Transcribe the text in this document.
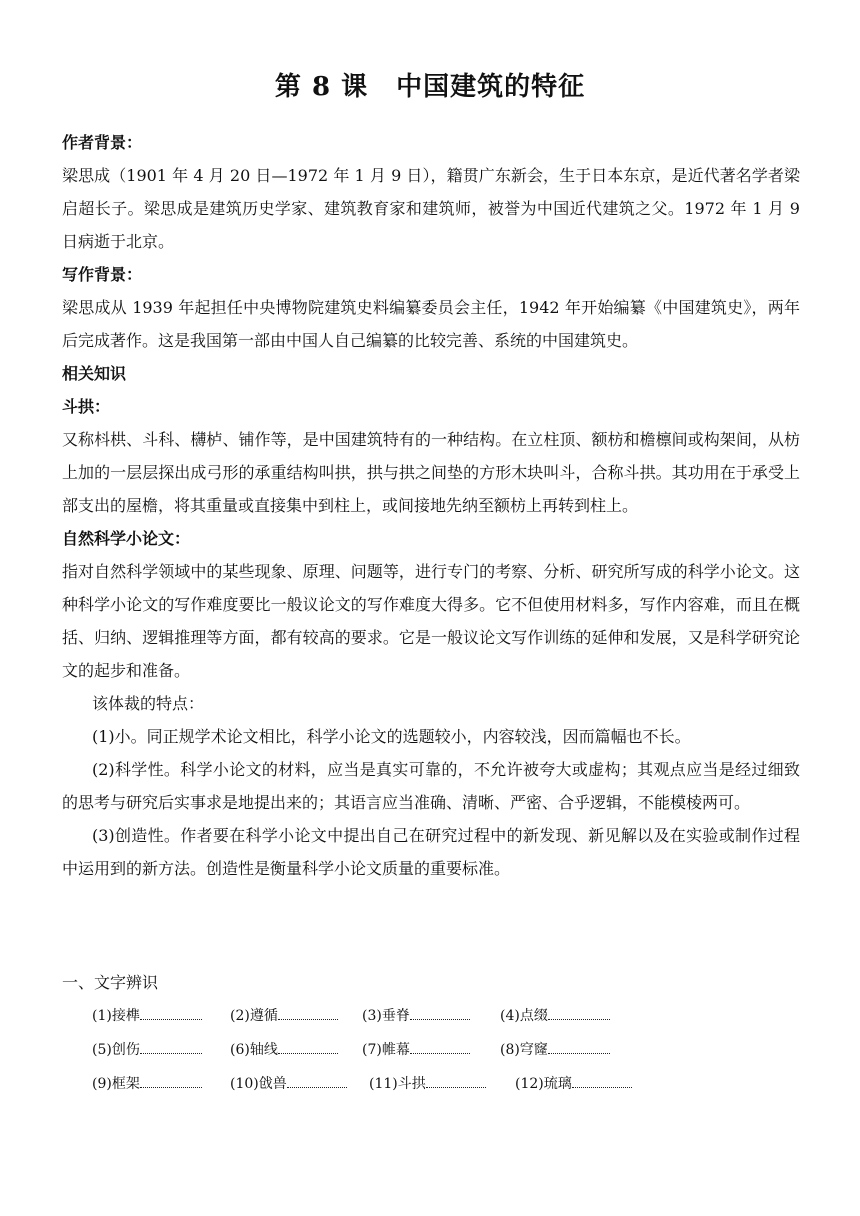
第 8 课 中国建筑的特征

作者背景：

梁思成（1901 年 4 月 20 日—1972 年 1 月 9 日），籍贯广东新会，生于日本东京，是近代著名学者梁启超长子。梁思成是建筑历史学家、建筑教育家和建筑师，被誉为中国近代建筑之父。1972 年 1 月 9 日病逝于北京。

写作背景：

梁思成从 1939 年起担任中央博物院建筑史料编纂委员会主任，1942 年开始编纂《中国建筑史》，两年后完成著作。这是我国第一部由中国人自己编纂的比较完善、系统的中国建筑史。

相关知识

斗拱：

又称枓栱、斗科、欂栌、铺作等，是中国建筑特有的一种结构。在立柱顶、额枋和檐檩间或构架间，从枋上加的一层层探出成弓形的承重结构叫拱，拱与拱之间垫的方形木块叫斗，合称斗拱。其功用在于承受上部支出的屋檐，将其重量或直接集中到柱上，或间接地先纳至额枋上再转到柱上。

自然科学小论文：

指对自然科学领域中的某些现象、原理、问题等，进行专门的考察、分析、研究所写成的科学小论文。这种科学小论文的写作难度要比一般议论文的写作难度大得多。它不但使用材料多，写作内容难，而且在概括、归纳、逻辑推理等方面，都有较高的要求。它是一般议论文写作训练的延伸和发展，又是科学研究论文的起步和准备。

该体裁的特点：

(1)小。同正规学术论文相比，科学小论文的选题较小，内容较浅，因而篇幅也不长。

(2)科学性。科学小论文的材料，应当是真实可靠的，不允许被夸大或虚构；其观点应当是经过细致的思考与研究后实事求是地提出来的；其语言应当准确、清晰、严密、合乎逻辑，不能模棱两可。

(3)创造性。作者要在科学小论文中提出自己在研究过程中的新发现、新见解以及在实验或制作过程中运用到的新方法。创造性是衡量科学小论文质量的重要标准。

一、文字辨识
(1)接榫	(2)遵循	(3)垂脊	(4)点缀
(5)创伤	(6)轴线	(7)帷幕	(8)穹窿
(9)框架	(10)戗兽	(11)斗拱	(12)琉璃
